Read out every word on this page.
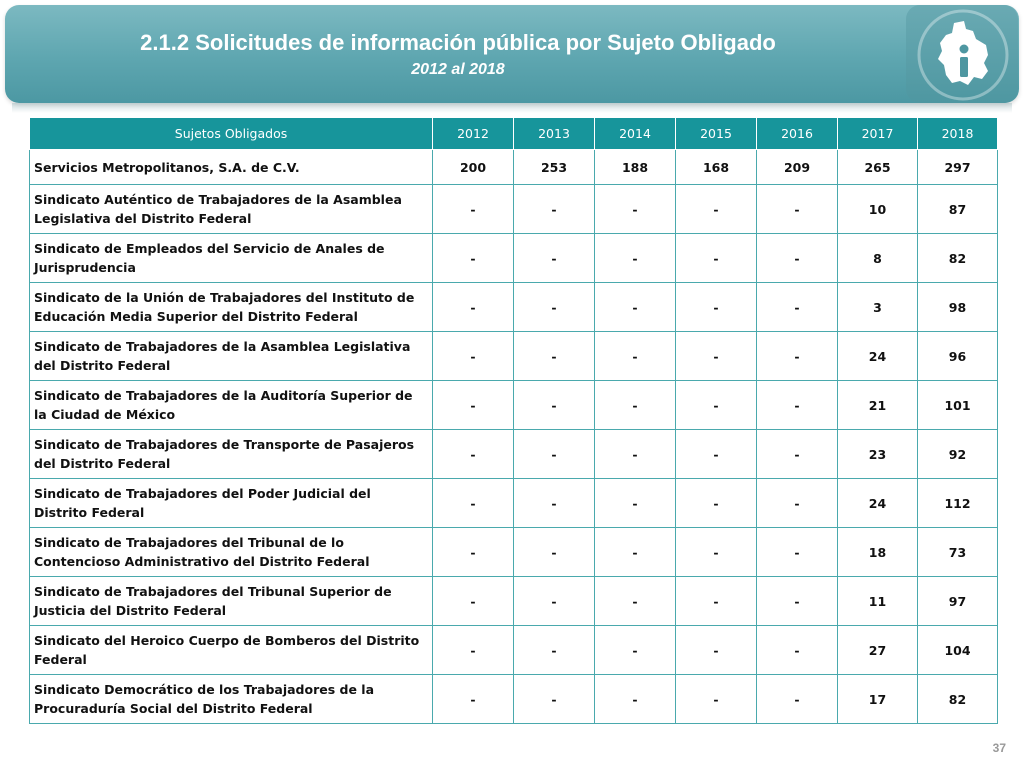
2.1.2 Solicitudes de información pública por Sujeto Obligado
2012 al 2018
Sujetos Obligados	2012	2013	2014	2015	2016	2017	2018
Servicios Metropolitanos, S.A. de C.V.	200	253	188	168	209	265	297
Sindicato Auténtico de Trabajadores de la Asamblea Legislativa del Distrito Federal	-	-	-	-	-	10	87
Sindicato de Empleados del Servicio de Anales de Jurisprudencia	-	-	-	-	-	8	82
Sindicato de la Unión de Trabajadores del Instituto de Educación Media Superior del Distrito Federal	-	-	-	-	-	3	98
Sindicato de Trabajadores de la Asamblea Legislativa del Distrito Federal	-	-	-	-	-	24	96
Sindicato de Trabajadores de la Auditoría Superior de la Ciudad de México	-	-	-	-	-	21	101
Sindicato de Trabajadores de Transporte de Pasajeros del Distrito Federal	-	-	-	-	-	23	92
Sindicato de Trabajadores del Poder Judicial del Distrito Federal	-	-	-	-	-	24	112
Sindicato de Trabajadores del Tribunal de lo Contencioso Administrativo del Distrito Federal	-	-	-	-	-	18	73
Sindicato de Trabajadores del Tribunal Superior de Justicia del Distrito Federal	-	-	-	-	-	11	97
Sindicato del Heroico Cuerpo de Bomberos del Distrito Federal	-	-	-	-	-	27	104
Sindicato Democrático de los Trabajadores de la Procuraduría Social del Distrito Federal	-	-	-	-	-	17	82
37
